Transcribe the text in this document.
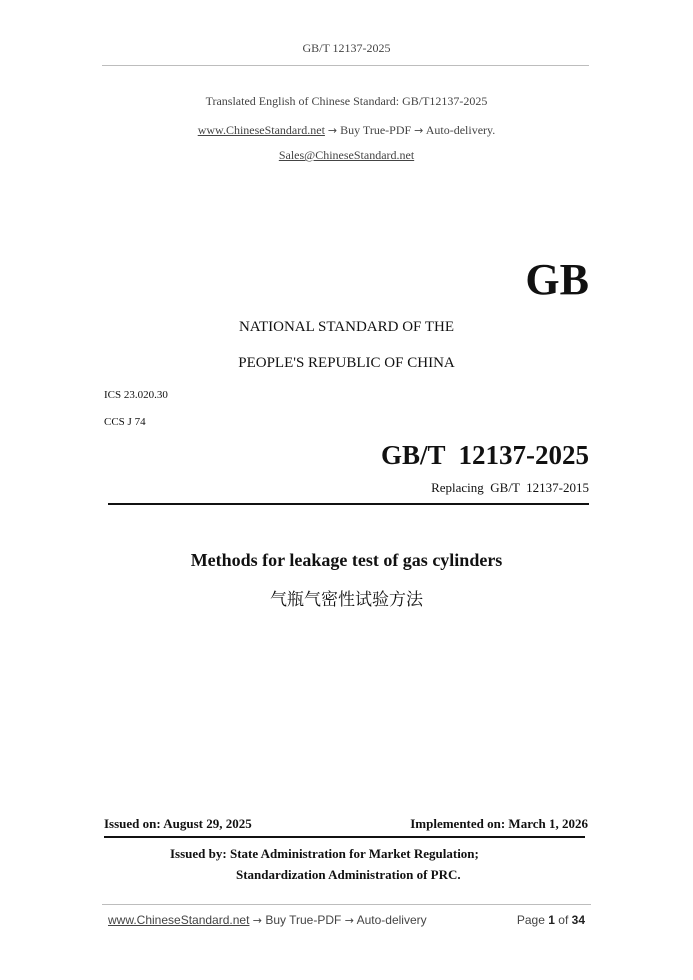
GB/T 12137-2025
Translated English of Chinese Standard: GB/T12137-2025
www.ChineseStandard.net → Buy True-PDF → Auto-delivery.
Sales@ChineseStandard.net
GB
NATIONAL STANDARD OF THE
PEOPLE'S REPUBLIC OF CHINA
ICS 23.020.30
CCS J 74
GB/T  12137-2025
Replacing  GB/T  12137-2015
Methods for leakage test of gas cylinders
气瓶气密性试验方法
Issued on: August 29, 2025	Implemented on: March 1, 2026
Issued by: State Administration for Market Regulation;
Standardization Administration of PRC.
www.ChineseStandard.net → Buy True-PDF → Auto-delivery	Page 1 of 34
